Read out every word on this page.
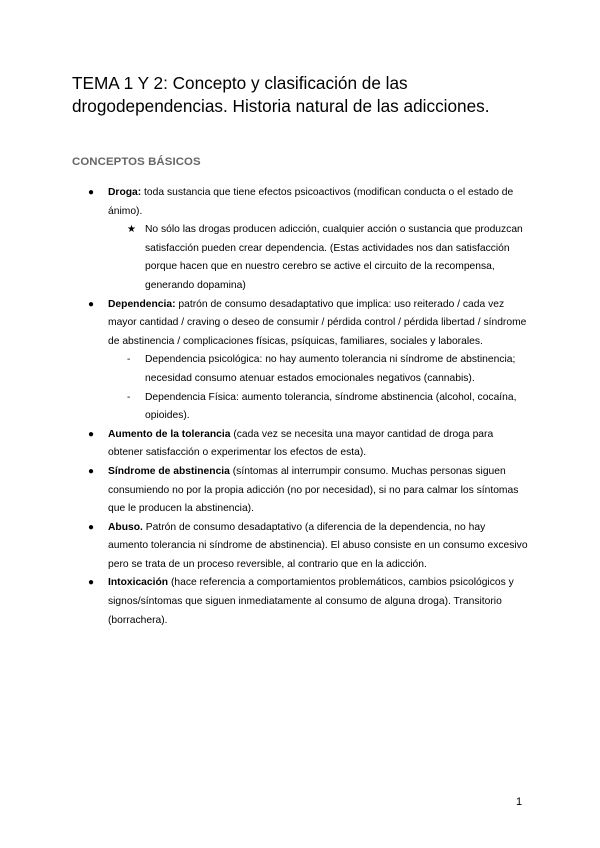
TEMA 1 Y 2: Concepto y clasificación de las drogodependencias. Historia natural de las adicciones.
CONCEPTOS BÁSICOS
●	Droga: toda sustancia que tiene efectos psicoactivos (modifican conducta o el estado de ánimo).
★ No sólo las drogas producen adicción, cualquier acción o sustancia que produzcan satisfacción pueden crear dependencia. (Estas actividades nos dan satisfacción porque hacen que en nuestro cerebro se active el circuito de la recompensa, generando dopamina)
●	Dependencia: patrón de consumo desadaptativo que implica: uso reiterado / cada vez mayor cantidad / craving o deseo de consumir / pérdida control / pérdida libertad / síndrome de abstinencia / complicaciones físicas, psíquicas, familiares, sociales y laborales.
- Dependencia psicológica: no hay aumento tolerancia ni síndrome de abstinencia; necesidad consumo atenuar estados emocionales negativos (cannabis).
- Dependencia Física: aumento tolerancia, síndrome abstinencia (alcohol, cocaína, opioides).
●	Aumento de la tolerancia (cada vez se necesita una mayor cantidad de droga para obtener satisfacción o experimentar los efectos de esta).
●	Síndrome de abstinencia (síntomas al interrumpir consumo. Muchas personas siguen consumiendo no por la propia adicción (no por necesidad), si no para calmar los síntomas que le producen la abstinencia).
●	Abuso. Patrón de consumo desadaptativo (a diferencia de la dependencia, no hay aumento tolerancia ni síndrome de abstinencia). El abuso consiste en un consumo excesivo pero se trata de un proceso reversible, al contrario que en la adicción.
●	Intoxicación (hace referencia a comportamientos problemáticos, cambios psicológicos y signos/síntomas que siguen inmediatamente al consumo de alguna droga). Transitorio (borrachera).
1
